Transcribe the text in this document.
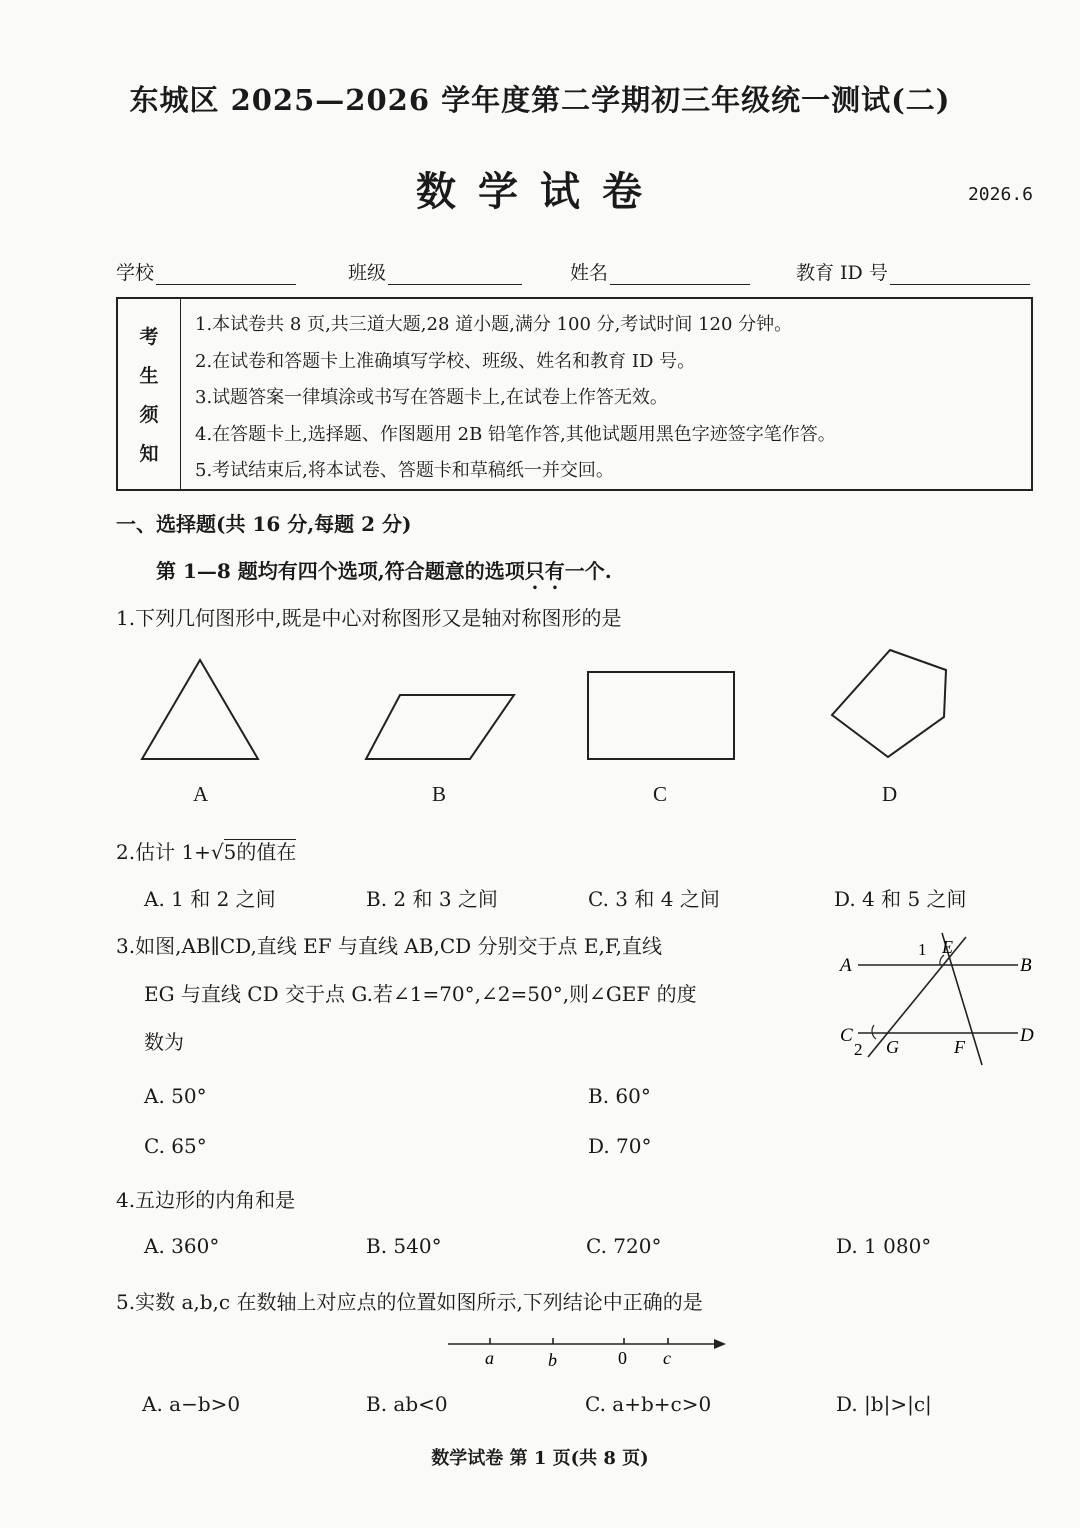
东城区 2025—2026 学年度第二学期初三年级统一测试(二)
数学试卷	2026.6
学校	班级	姓名	教育 ID 号
考
生
须
知
1.本试卷共 8 页,共三道大题,28 道小题,满分 100 分,考试时间 120 分钟。
2.在试卷和答题卡上准确填写学校、班级、姓名和教育 ID 号。
3.试题答案一律填涂或书写在答题卡上,在试卷上作答无效。
4.在答题卡上,选择题、作图题用 2B 铅笔作答,其他试题用黑色字迹签字笔作答。
5.考试结束后,将本试卷、答题卡和草稿纸一并交回。
一、选择题(共 16 分,每题 2 分)
第 1—8 题均有四个选项,符合题意的选项只有一个.
1.下列几何图形中,既是中心对称图形又是轴对称图形的是
A	B	C	D
2.估计 1+√5的值在
A. 1 和 2 之间	B. 2 和 3 之间	C. 3 和 4 之间	D. 4 和 5 之间
3.如图,AB∥CD,直线 EF 与直线 AB,CD 分别交于点 E,F,直线
EG 与直线 CD 交于点 G.若∠1=70°,∠2=50°,则∠GEF 的度
数为
A	B
C	D
E
F
G
1
2
A. 50°	B. 60°
C. 65°	D. 70°
4.五边形的内角和是
A. 360°	B. 540°	C. 720°	D. 1 080°
5.实数 a,b,c 在数轴上对应点的位置如图所示,下列结论中正确的是
a	b	0 c
A. a−b>0	B. ab<0	C. a+b+c>0	D. |b|>|c|
数学试卷 第 1 页(共 8 页)
